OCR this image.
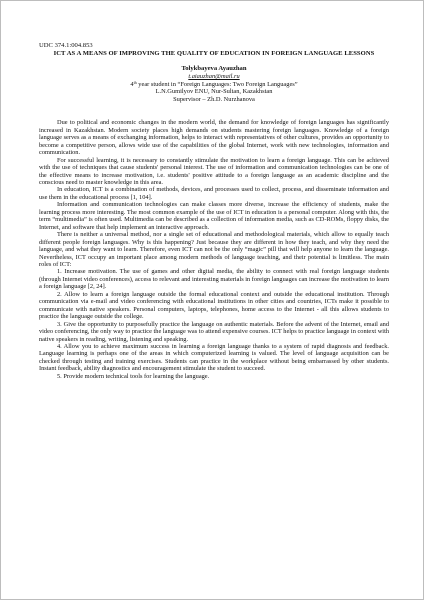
UDC 374.1:004.853
ICT AS A MEANS OF IMPROVING THE QUALITY OF EDUCATION IN FOREIGN LANGUAGE LESSONS
Tolykbayeva Ayauzhan
t.aiauzhan@mail.ru
4th year student in “Foreign Languages: Two Foreign Languages”
L.N.Gumilyov ENU, Nur-Sultan, Kazakhstan
Supervisor – Zh.D. Nurzhanova

Due to political and economic changes in the modern world, the demand for knowledge of foreign languages has significantly increased in Kazakhstan. Modern society places high demands on students mastering foreign languages. Knowledge of a foreign language serves as a means of exchanging information, helps to interact with representatives of other cultures, provides an opportunity to become a competitive person, allows wide use of the capabilities of the global Internet, work with new technologies, information and communication.

For successful learning, it is necessary to constantly stimulate the motivation to learn a foreign language. This can be achieved with the use of techniques that cause students' personal interest. The use of information and communication technologies can be one of the effective means to increase motivation, i.e. students' positive attitude to a foreign language as an academic discipline and the conscious need to master knowledge in this area.

In education, ICT is a combination of methods, devices, and processes used to collect, process, and disseminate information and use them in the educational process [1, 104].

Information and communication technologies can make classes more diverse, increase the efficiency of students, make the learning process more interesting. The most common example of the use of ICT in education is a personal computer. Along with this, the term “multimedia” is often used. Multimedia can be described as a collection of information media, such as CD-ROMs, floppy disks, the Internet, and software that help implement an interactive approach.

There is neither a universal method, nor a single set of educational and methodological materials, which allow to equally teach different people foreign languages. Why is this happening? Just because they are different in how they teach, and why they need the language, and what they want to learn. Therefore, even ICT can not be the only “magic” pill that will help anyone to learn the language. Nevertheless, ICT occupy an important place among modern methods of language teaching, and their potential is limitless. The main roles of ICT:

1. Increase motivation. The use of games and other digital media, the ability to connect with real foreign language students (through Internet video conferences), access to relevant and interesting materials in foreign languages can increase the motivation to learn a foreign language [2, 24].

2. Allow to learn a foreign language outside the formal educational context and outside the educational institution. Through communication via e-mail and video conferencing with educational institutions in other cities and countries, ICTs make it possible to communicate with native speakers. Personal computers, laptops, telephones, home access to the Internet - all this allows students to practice the language outside the college.

3. Give the opportunity to purposefully practice the language on authentic materials. Before the advent of the Internet, email and video conferencing, the only way to practice the language was to attend expensive courses. ICT helps to practice language in context with native speakers in reading, writing, listening and speaking.

4. Allow you to achieve maximum success in learning a foreign language thanks to a system of rapid diagnosis and feedback. Language learning is perhaps one of the areas in which computerized learning is valued. The level of language acquisition can be checked through testing and training exercises. Students can practice in the workplace without being embarrassed by other students. Instant feedback, ability diagnostics and encouragement stimulate the student to succeed.

5. Provide modern technical tools for learning the language.
